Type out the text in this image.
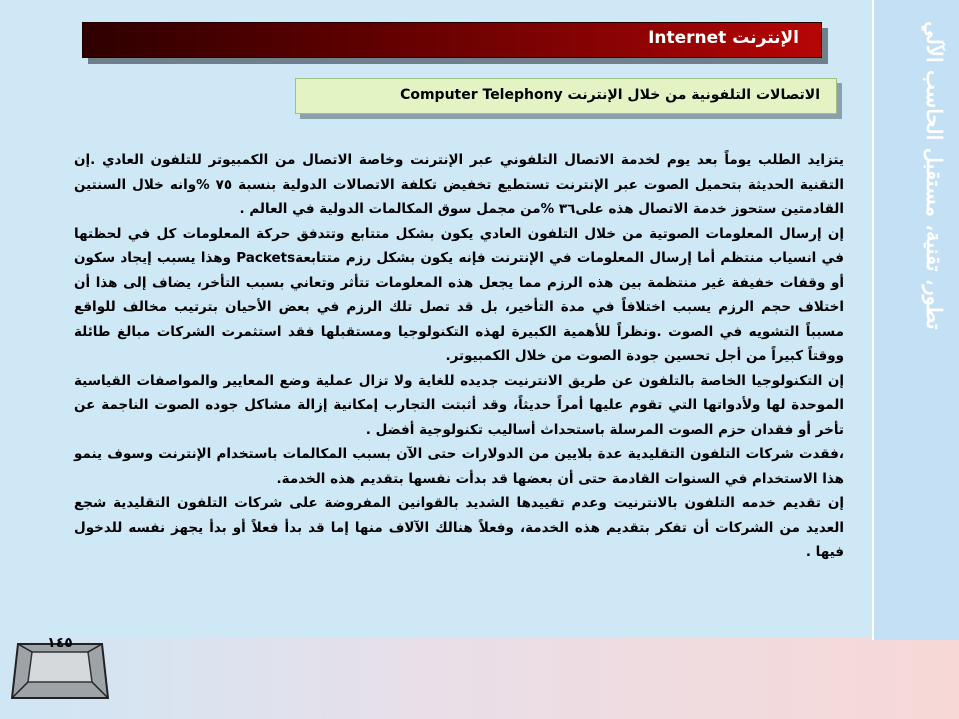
تطور، تقنية، مستقبل الحاسب الآلي
Internet الإنترنت
الاتصالات التلفونية من خلال الإنترنت Computer Telephony

يتزايد الطلب يوماً بعد يوم لخدمة الاتصال التلفوني عبر الإنترنت وخاصة الاتصال من الكمبيوتر للتلفون العادي .إن التقنية الحديثة بتحميل الصوت عبر الإنترنت تستطيع تخفيض تكلفة الاتصالات الدولية بنسبة ٧٥ %وانه خلال السنتين القادمتين ستحوز خدمة الاتصال هذه على٣٦ %من مجمل سوق المكالمات الدولية في العالم .

إن إرسال المعلومات الصوتية من خلال التلفون العادي يكون بشكل متتابع وتتدفق حركة المعلومات كل في لحظتها في انسياب منتظم أما إرسال المعلومات في الإنترنت فإنه يكون بشكل رزم متتابعةPackets وهذا يسبب إيجاد سكون أو وقفات خفيفة غير منتظمة بين هذه الرزم مما يجعل هذه المعلومات تتأثر وتعاني بسبب التأخر، يضاف إلى هذا أن اختلاف حجم الرزم يسبب اختلافاً في مدة التأخير، بل قد تصل تلك الرزم في بعض الأحيان بترتيب مخالف للواقع مسبباً التشويه في الصوت .ونظراً للأهمية الكبيرة لهذه التكنولوجيا ومستقبلها فقد استثمرت الشركات مبالغ طائلة ووقتاً كبيراً من أجل تحسين جودة الصوت من خلال الكمبيوتر.

إن التكنولوجيا الخاصة بالتلفون عن طريق الانترنيت جديده للغاية ولا تزال عملية وضع المعايير والمواصفات القياسية الموحدة لها ولأدواتها التي تقوم عليها أمراً حديثاً، وقد أثبتت التجارب إمكانية إزالة مشاكل جوده الصوت الناجمة عن تأخر أو فقدان حزم الصوت المرسلة باستحداث أساليب تكنولوجية أفضل .

،فقدت شركات التلفون التقليدية عدة بلايين من الدولارات حتى الآن بسبب المكالمات باستخدام الإنترنت وسوف ينمو هذا الاستخدام في السنوات القادمة حتى أن بعضها قد بدأت نفسها بتقديم هذه الخدمة.

إن تقديم خدمه التلفون بالانترنيت وعدم تقييدها الشديد بالقوانين المفروضة على شركات التلفون التقليدية شجع العديد من الشركات أن تفكر بتقديم هذه الخدمة، وفعلاً هنالك الآلاف منها إما قد بدأ فعلاً أو بدأ يجهز نفسه للدخول فيها .

١٤٥
